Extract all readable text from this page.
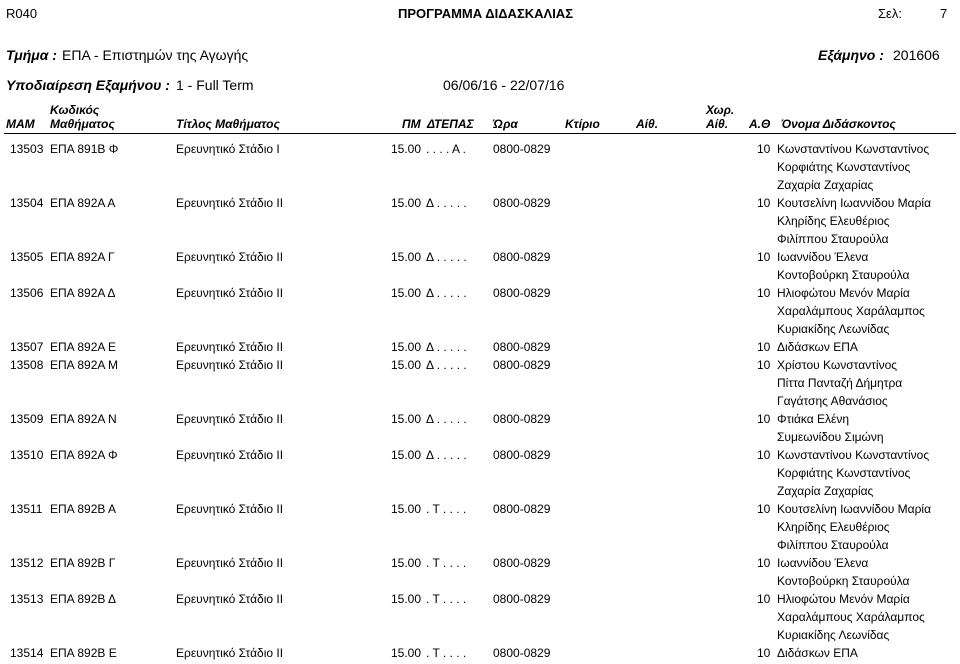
R040	ΠΡΟΓΡΑΜΜΑ ΔΙΔΑΣΚΑΛΙΑΣ	Σελ:	7
Τμήμα : ΕΠΑ - Επιστημών της Αγωγής	Εξάμηνο : 201606
Υποδιαίρεση Εξαμήνου : 1 - Full Term	06/06/16 - 22/07/16
ΜΑΜ
Κωδικός
Μαθήματος	Τίτλος Μαθήματος	ΠΜ ΔΤΕΠΑΣ Ώρα	Κτίριο	Αίθ.
Χωρ.
Αίθ. Α.Θ Όνομα Διδάσκοντος
13503 ΕΠΑ 891Β Φ	Ερευνητικό Στάδιο Ι	15.00 . . . . Α . 0800-0829	10 Κωνσταντίνου Κωνσταντίνος
Κορφιάτης Κωνσταντίνος
Ζαχαρία Ζαχαρίας
13504 ΕΠΑ 892Α Α	Ερευνητικό Στάδιο ΙΙ	15.00 Δ . . . . . 0800-0829	10 Κουτσελίνη Ιωαννίδου Μαρία
Κληρίδης Ελευθέριος
Φιλίππου Σταυρούλα
13505 ΕΠΑ 892Α Γ	Ερευνητικό Στάδιο ΙΙ	15.00 Δ . . . . . 0800-0829	10 Ιωαννίδου Έλενα
Κοντοβούρκη Σταυρούλα
13506 ΕΠΑ 892Α Δ	Ερευνητικό Στάδιο ΙΙ	15.00 Δ . . . . . 0800-0829	10 Ηλιοφώτου Μενόν Μαρία
Χαραλάμπους Χαράλαμπος
Κυριακίδης Λεωνίδας
13507 ΕΠΑ 892Α Ε	Ερευνητικό Στάδιο ΙΙ	15.00 Δ . . . . . 0800-0829	10 Διδάσκων ΕΠΑ
13508 ΕΠΑ 892Α Μ	Ερευνητικό Στάδιο ΙΙ	15.00 Δ . . . . . 0800-0829	10 Χρίστου Κωνσταντίνος
Πίττα Πανταζή Δήμητρα
Γαγάτσης Αθανάσιος
13509 ΕΠΑ 892Α Ν	Ερευνητικό Στάδιο ΙΙ	15.00 Δ . . . . . 0800-0829	10 Φτιάκα Ελένη
Συμεωνίδου Σιμώνη
13510 ΕΠΑ 892Α Φ	Ερευνητικό Στάδιο ΙΙ	15.00 Δ . . . . . 0800-0829	10 Κωνσταντίνου Κωνσταντίνος
Κορφιάτης Κωνσταντίνος
Ζαχαρία Ζαχαρίας
13511 ΕΠΑ 892Β Α	Ερευνητικό Στάδιο ΙΙ	15.00 . Τ . . . . 0800-0829	10 Κουτσελίνη Ιωαννίδου Μαρία
Κληρίδης Ελευθέριος
Φιλίππου Σταυρούλα
13512 ΕΠΑ 892Β Γ	Ερευνητικό Στάδιο ΙΙ	15.00 . Τ . . . . 0800-0829	10 Ιωαννίδου Έλενα
Κοντοβούρκη Σταυρούλα
13513 ΕΠΑ 892Β Δ	Ερευνητικό Στάδιο ΙΙ	15.00 . Τ . . . . 0800-0829	10 Ηλιοφώτου Μενόν Μαρία
Χαραλάμπους Χαράλαμπος
Κυριακίδης Λεωνίδας
13514 ΕΠΑ 892Β Ε	Ερευνητικό Στάδιο ΙΙ	15.00 . Τ . . . . 0800-0829	10 Διδάσκων ΕΠΑ
